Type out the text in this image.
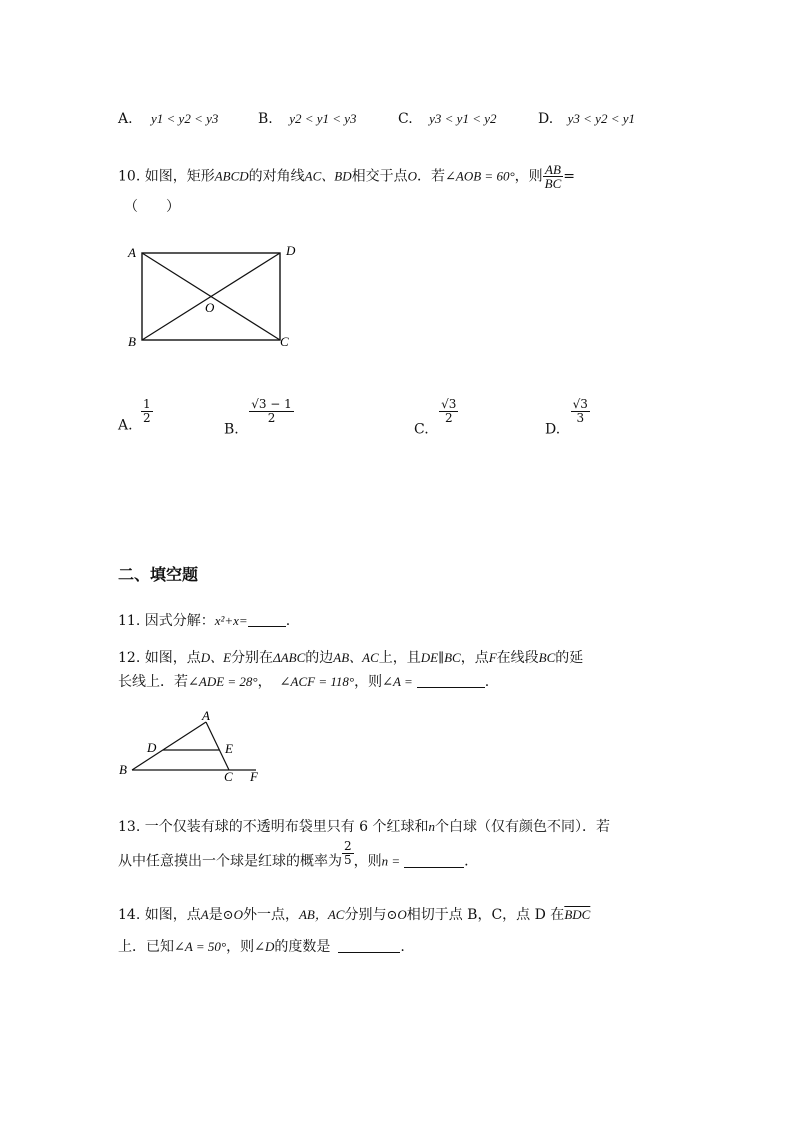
A. y1 < y2 < y3	B. y2 < y1 < y3	C. y3 < y1 < y2	D. y3 < y2 < y1
10. 如图，矩形ABCD的对角线AC、BD相交于点O．若∠AOB = 60°，则 $\frac{AB}{BC}$ =
（　　）
A	D
B	C
O
A.
$\frac{1}{2}$
B.
$\frac{√3 - 1}{2}$
C.
$\frac{√3}{2}$
D.
$\frac{√3}{3}$
二、填空题
11. 因式分解：x²+x=	.
12. 如图，点D、E分别在ΔABC的边AB、AC上，且DE∥BC，点F在线段BC的延
长线上．若∠ADE = 28°， ∠ACF = 118°，则∠A =	.
A
D	E
B	C F
13. 一个仅装有球的不透明布袋里只有 6 个红球和n个白球（仅有颜色不同）．若
从中任意摸出一个球是红球的概率为 $\frac{2}{5}$ ，则n =	.
14. 如图，点A是⊙O外一点，AB，AC分别与⊙O相切于点 B，C，点 D 在$\overline{BDC}$
上．已知∠A = 50°，则∠D的度数是	.
